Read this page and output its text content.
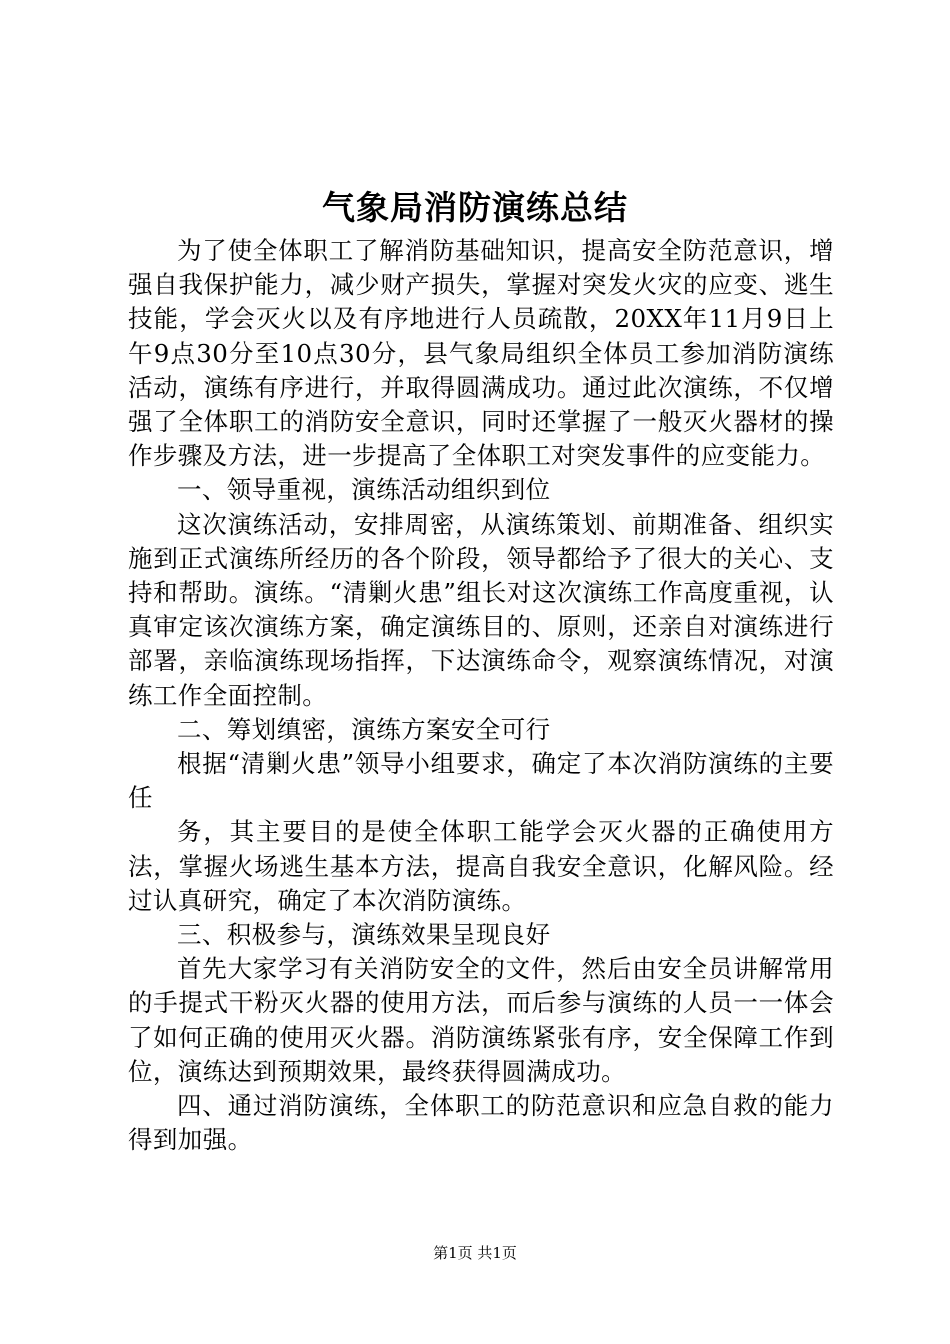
气象局消防演练总结

为了使全体职工了解消防基础知识，提高安全防范意识，增强自我保护能力，减少财产损失，掌握对突发火灾的应变、逃生技能，学会灭火以及有序地进行人员疏散，20XX年11月9日上午9点30分至10点30分，县气象局组织全体员工参加消防演练活动，演练有序进行，并取得圆满成功。通过此次演练，不仅增强了全体职工的消防安全意识，同时还掌握了一般灭火器材的操作步骤及方法，进一步提高了全体职工对突发事件的应变能力。

一、领导重视，演练活动组织到位

这次演练活动，安排周密，从演练策划、前期准备、组织实施到正式演练所经历的各个阶段，领导都给予了很大的关心、支持和帮助。演练。“清剿火患”组长对这次演练工作高度重视，认真审定该次演练方案，确定演练目的、原则，还亲自对演练进行部署，亲临演练现场指挥，下达演练命令，观察演练情况，对演练工作全面控制。

二、筹划缜密，演练方案安全可行

根据“清剿火患”领导小组要求，确定了本次消防演练的主要任

务，其主要目的是使全体职工能学会灭火器的正确使用方法，掌握火场逃生基本方法，提高自我安全意识，化解风险。经过认真研究，确定了本次消防演练。

三、积极参与，演练效果呈现良好

首先大家学习有关消防安全的文件，然后由安全员讲解常用的手提式干粉灭火器的使用方法，而后参与演练的人员一一体会了如何正确的使用灭火器。消防演练紧张有序，安全保障工作到位，演练达到预期效果，最终获得圆满成功。

四、通过消防演练，全体职工的防范意识和应急自救的能力得到加强。

第1页 共1页
